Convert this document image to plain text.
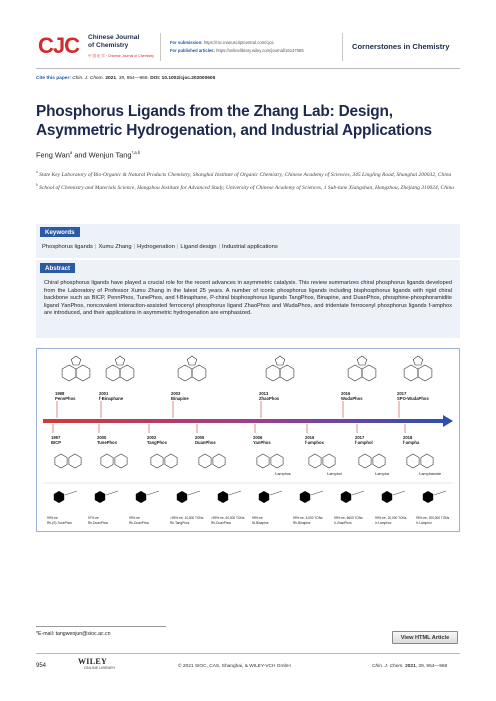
CJC Chinese Journal
of Chemistry
中 国 化 学 · Chinese Journal of Chemistry
For submission: https://mc.manuscriptcentral.com/cjoc
For published articles: https://onlinelibrary.wiley.com/journal/16147065	Cornerstones in Chemistry
Cite this paper: Chin. J. Chem. 2021, 39, 954—968. DOI: 10.1002/cjoc.202000605
Phosphorus Ligands from the Zhang Lab: Design, Asymmetric Hydrogenation, and Industrial Applications
Feng Wan$^a$ and Wenjun Tang$^{*,a,b}$
$^a$ State Key Laboratory of Bio-Organic & Natural Products Chemistry, Shanghai Institute of Organic Chemistry, Chinese Academy of Sciences, 345 Lingling Road, Shanghai 200032, China
$^b$ School of Chemistry and Materials Science, Hangzhou Institute for Advanced Study, University of Chinese Academy of Sciences, 1 Sub-lane Xiangshan, Hangzhou, Zhejiang 310024, China
Keywords
Phosphorus ligands | Xumu Zhang | Hydrogenation | Ligand design | Industrial applications
Abstract

Chiral phosphorus ligands have played a crucial role for the recent advances in asymmetric catalysis. This review summarizes chiral phosphorus ligands developed from the Laboratory of Professor Xumu Zhang in the latest 25 years. A number of iconic phosphorus ligands including bisphosphorus ligands with rigid chiral backbone such as BICP, PennPhos, TunePhos, and f-Binaphane, P-chiral bisphosphorus ligands TangPhos, Binapine, and DuanPhos, phosphine-phosphoramidite ligand YanPhos, noncovalent interaction-assisted ferrocenyl phosphorus ligand ZhaoPhos and WudaPhos, and tridentate ferrocenyl phosphorus ligands f-amphox are introduced, and their applications in asymmetric hydrogenation are emphasized.

1998
PennPhos
2001
f-Binaphane
2003
Binapine
2013
ZhaoPhos
2016
WudaPhos
2017
SPO-WudaPhos
1997
BICP
2000
TunePhos
2002
TangPhos
2005
DuanPhos
2006
YanPhos
2016
f-amphox
2017
f-amphol
2018
f-ampha
f-amphos	f-amphol	f-ampha	f-amphamide
99% ee
Rh-(S)-TunePhos
97% ee
Rh-DuanPhos
99% ee
Rh-DuanPhos
>99% ee, 10,000 TONs
Rh-TangPhos
>99% ee, 60,000 TONs
Rh-DuanPhos
99% ee
Ni-Binapine
99% ee, 5,000 TONs
Rh-Binapine
99% ee, 6600 TONs
Ir-ZhaoPhos
99% ee, 20,000 TONs
Ir-f-amphox
99% ee, 200,000 TONs
Ir-f-amphol
*E-mail: tangwenjun@sioc.ac.cn
View HTML Article
954	WILEY
ONLINE LIBRARY	© 2021 SIOC, CAS, Shanghai, & WILEY-VCH GmbH	Chin. J. Chem. 2021, 39, 954—968
